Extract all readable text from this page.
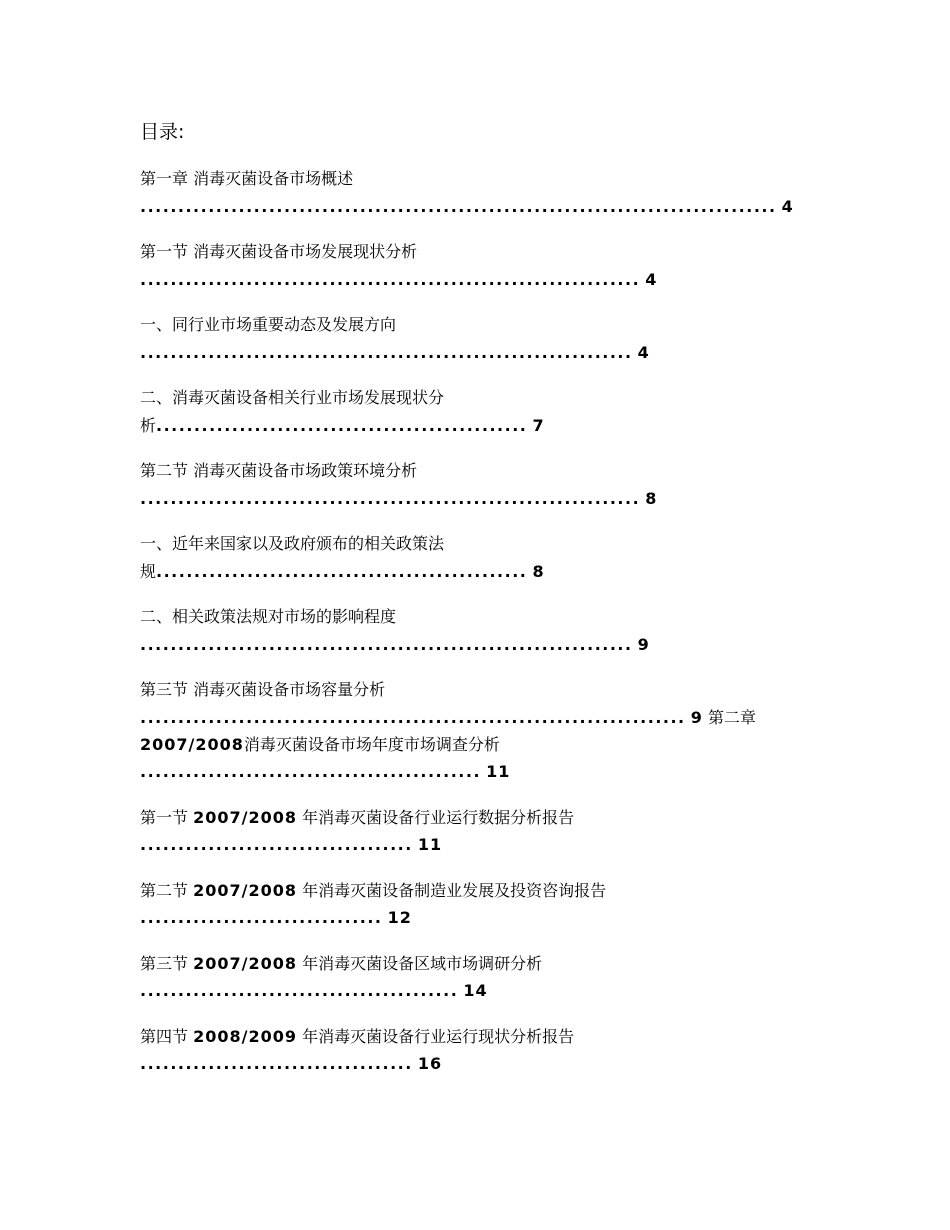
目录:
第一章 消毒灭菌设备市场概述
.................................................................................... 4
第一节 消毒灭菌设备市场发展现状分析
.................................................................. 4
一、同行业市场重要动态及发展方向
................................................................. 4
二、消毒灭菌设备相关行业市场发展现状分
析................................................. 7
第二节 消毒灭菌设备市场政策环境分析
.................................................................. 8
一、近年来国家以及政府颁布的相关政策法
规................................................. 8
二、相关政策法规对市场的影响程度
................................................................. 9
第三节 消毒灭菌设备市场容量分析
........................................................................ 9 第二章
2007/2008消毒灭菌设备市场年度市场调查分析
............................................. 11
第一节 2007/2008 年消毒灭菌设备行业运行数据分析报告
.................................... 11
第二节 2007/2008 年消毒灭菌设备制造业发展及投资咨询报告
................................ 12
第三节 2007/2008 年消毒灭菌设备区域市场调研分析
.......................................... 14
第四节 2008/2009 年消毒灭菌设备行业运行现状分析报告
.................................... 16
